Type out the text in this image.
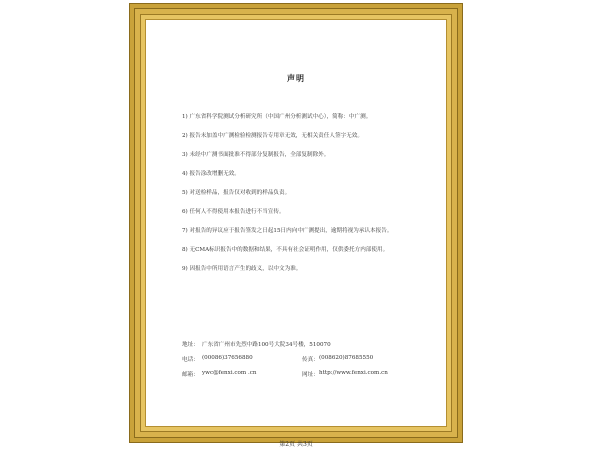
声明
1) 广东省科学院测试分析研究所（中国广州分析测试中心），简称：中广测。
2) 报告未加盖中广测检验检测报告专用章无效，无相关责任人签字无效。
3) 未经中广测书面批准不得部分复制报告，全部复制除外。
4) 报告涂改增删无效。
5) 对送检样品，报告仅对收到的样品负责。
6) 任何人不得使用本报告进行不当宣传。
7) 对报告的异议应于报告签发之日起15日内向中广测提出，逾期将视为承认本报告。
8) 无CMA标识报告中的数据和结果，不具有社会证明作用，仅供委托方内部使用。
9) 因报告中所用语言产生的歧义，以中文为准。
地址： 广东省广州市先烈中路100号大院34号楼，510070
电话： (00086)37656880	传真： (008620)87685550
邮箱： ywc@fenxi.com .cn	网址： http://www.fenxi.com.cn
第2页 共3页
